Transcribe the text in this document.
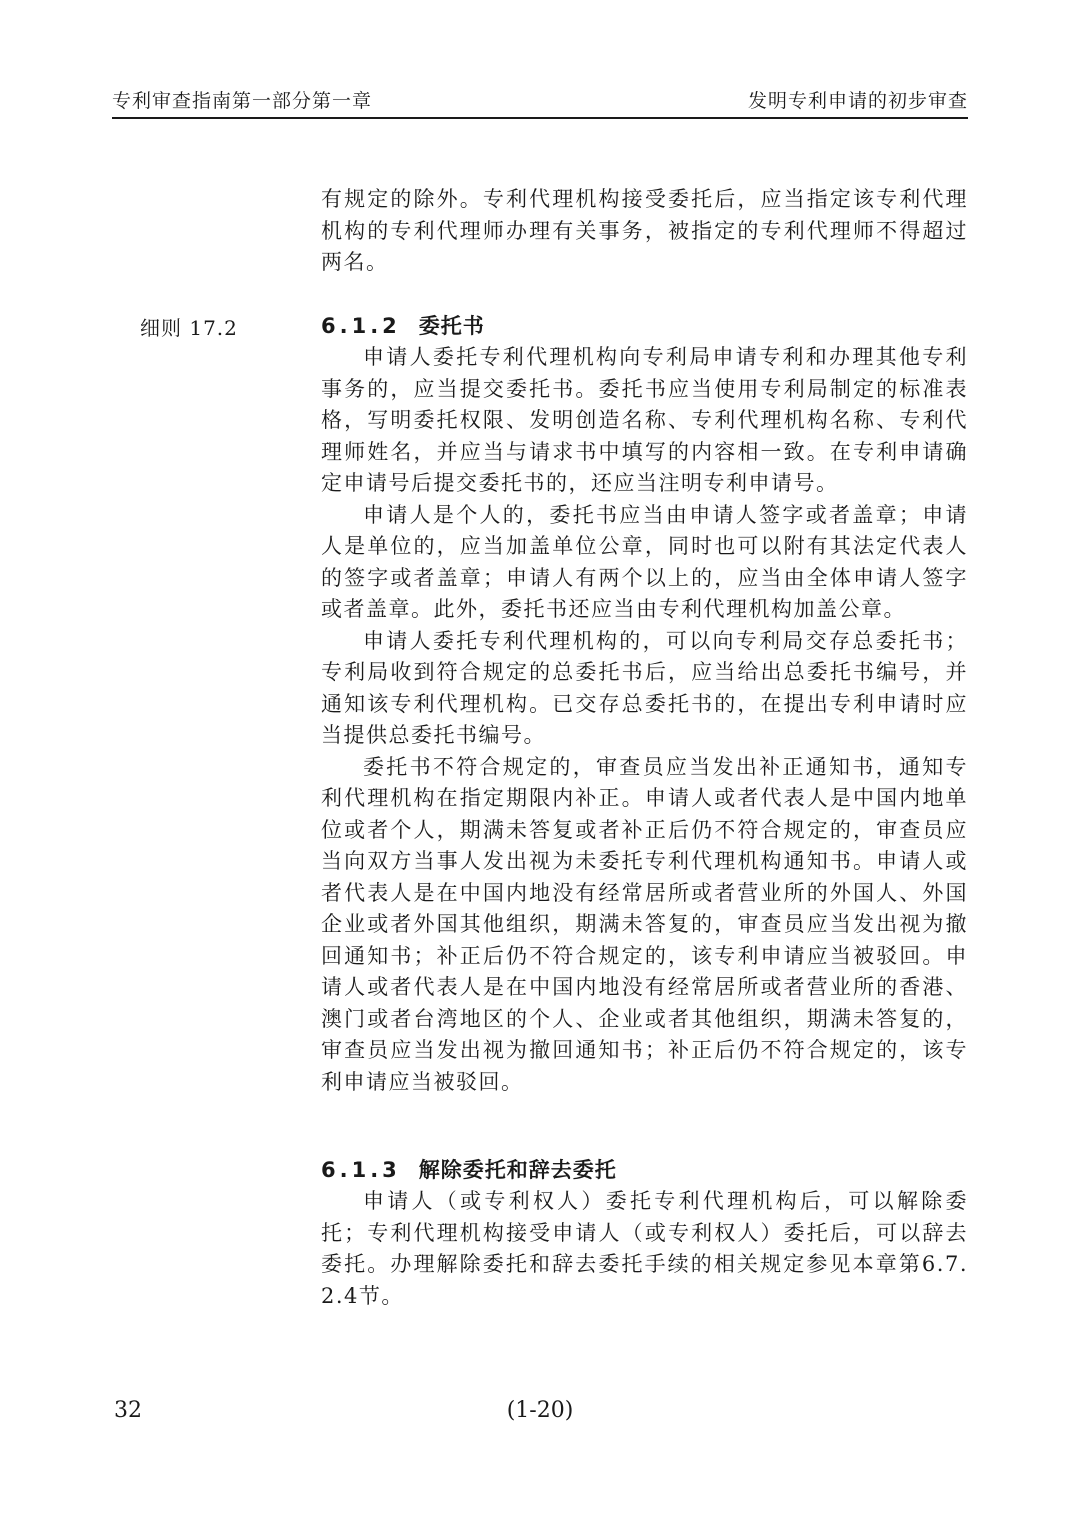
专利审查指南第一部分第一章	发明专利申请的初步审查

有规定的除外。专利代理机构接受委托后，应当指定该专利代理机构的专利代理师办理有关事务，被指定的专利代理师不得超过两名。

细则 17.2	6.1.2 委托书

申请人委托专利代理机构向专利局申请专利和办理其他专利事务的，应当提交委托书。委托书应当使用专利局制定的标准表格，写明委托权限、发明创造名称、专利代理机构名称、专利代理师姓名，并应当与请求书中填写的内容相一致。在专利申请确定申请号后提交委托书的，还应当注明专利申请号。

申请人是个人的，委托书应当由申请人签字或者盖章；申请人是单位的，应当加盖单位公章，同时也可以附有其法定代表人的签字或者盖章；申请人有两个以上的，应当由全体申请人签字或者盖章。此外，委托书还应当由专利代理机构加盖公章。

申请人委托专利代理机构的，可以向专利局交存总委托书；专利局收到符合规定的总委托书后，应当给出总委托书编号，并通知该专利代理机构。已交存总委托书的，在提出专利申请时应当提供总委托书编号。

委托书不符合规定的，审查员应当发出补正通知书，通知专利代理机构在指定期限内补正。申请人或者代表人是中国内地单位或者个人，期满未答复或者补正后仍不符合规定的，审查员应当向双方当事人发出视为未委托专利代理机构通知书。申请人或者代表人是在中国内地没有经常居所或者营业所的外国人、外国企业或者外国其他组织，期满未答复的，审查员应当发出视为撤回通知书；补正后仍不符合规定的，该专利申请应当被驳回。申请人或者代表人是在中国内地没有经常居所或者营业所的香港、澳门或者台湾地区的个人、企业或者其他组织，期满未答复的，审查员应当发出视为撤回通知书；补正后仍不符合规定的，该专利申请应当被驳回。

6.1.3 解除委托和辞去委托

申请人（或专利权人）委托专利代理机构后，可以解除委托；专利代理机构接受申请人（或专利权人）委托后，可以辞去委托。办理解除委托和辞去委托手续的相关规定参见本章第6.7.2.4节。

32	(1-20)
